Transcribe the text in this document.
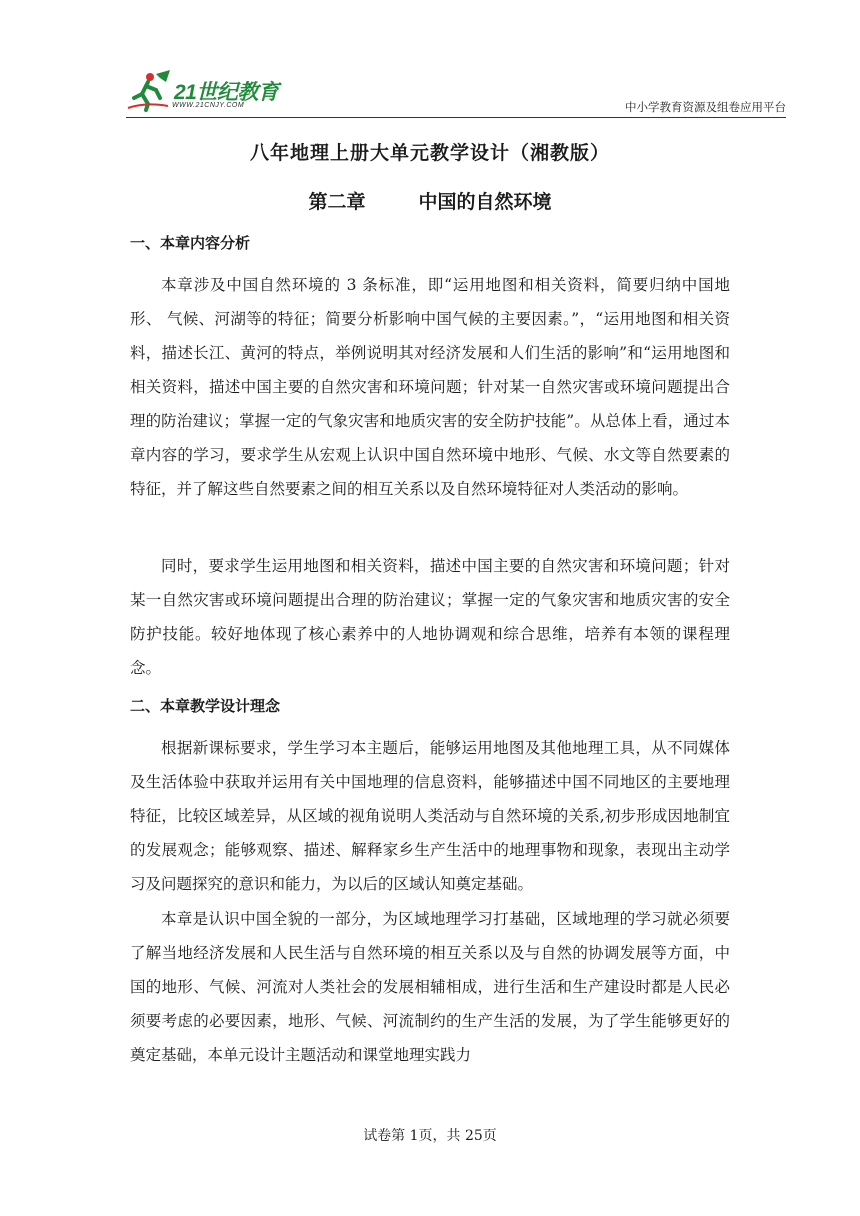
21世纪教育
WWW.21CNJY.COM	中小学教育资源及组卷应用平台
八年地理上册大单元教学设计（湘教版）
第二章        中国的自然环境
一、本章内容分析

本章涉及中国自然环境的 3 条标准，即“运用地图和相关资料，简要归纳中国地形、 气候、河湖等的特征；简要分析影响中国气候的主要因素。”，“运用地图和相关资料，描述长江、黄河的特点，举例说明其对经济发展和人们生活的影响”和“运用地图和相关资料，描述中国主要的自然灾害和环境问题；针对某一自然灾害或环境问题提出合理的防治建议；掌握一定的气象灾害和地质灾害的安全防护技能”。从总体上看，通过本章内容的学习，要求学生从宏观上认识中国自然环境中地形、气候、水文等自然要素的特征，并了解这些自然要素之间的相互关系以及自然环境特征对人类活动的影响。

同时，要求学生运用地图和相关资料，描述中国主要的自然灾害和环境问题；针对某一自然灾害或环境问题提出合理的防治建议；掌握一定的气象灾害和地质灾害的安全防护技能。较好地体现了核心素养中的人地协调观和综合思维，培养有本领的课程理念。

二、本章教学设计理念

根据新课标要求，学生学习本主题后，能够运用地图及其他地理工具，从不同媒体及生活体验中获取并运用有关中国地理的信息资料，能够描述中国不同地区的主要地理特征，比较区域差异，从区域的视角说明人类活动与自然环境的关系,初步形成因地制宜的发展观念；能够观察、描述、解释家乡生产生活中的地理事物和现象，表现出主动学习及问题探究的意识和能力，为以后的区域认知奠定基础。

本章是认识中国全貌的一部分，为区域地理学习打基础，区域地理的学习就必须要了解当地经济发展和人民生活与自然环境的相互关系以及与自然的协调发展等方面，中国的地形、气候、河流对人类社会的发展相辅相成，进行生活和生产建设时都是人民必须要考虑的必要因素，地形、气候、河流制约的生产生活的发展，为了学生能够更好的奠定基础，本单元设计主题活动和课堂地理实践力

试卷第 1页，共 25页
